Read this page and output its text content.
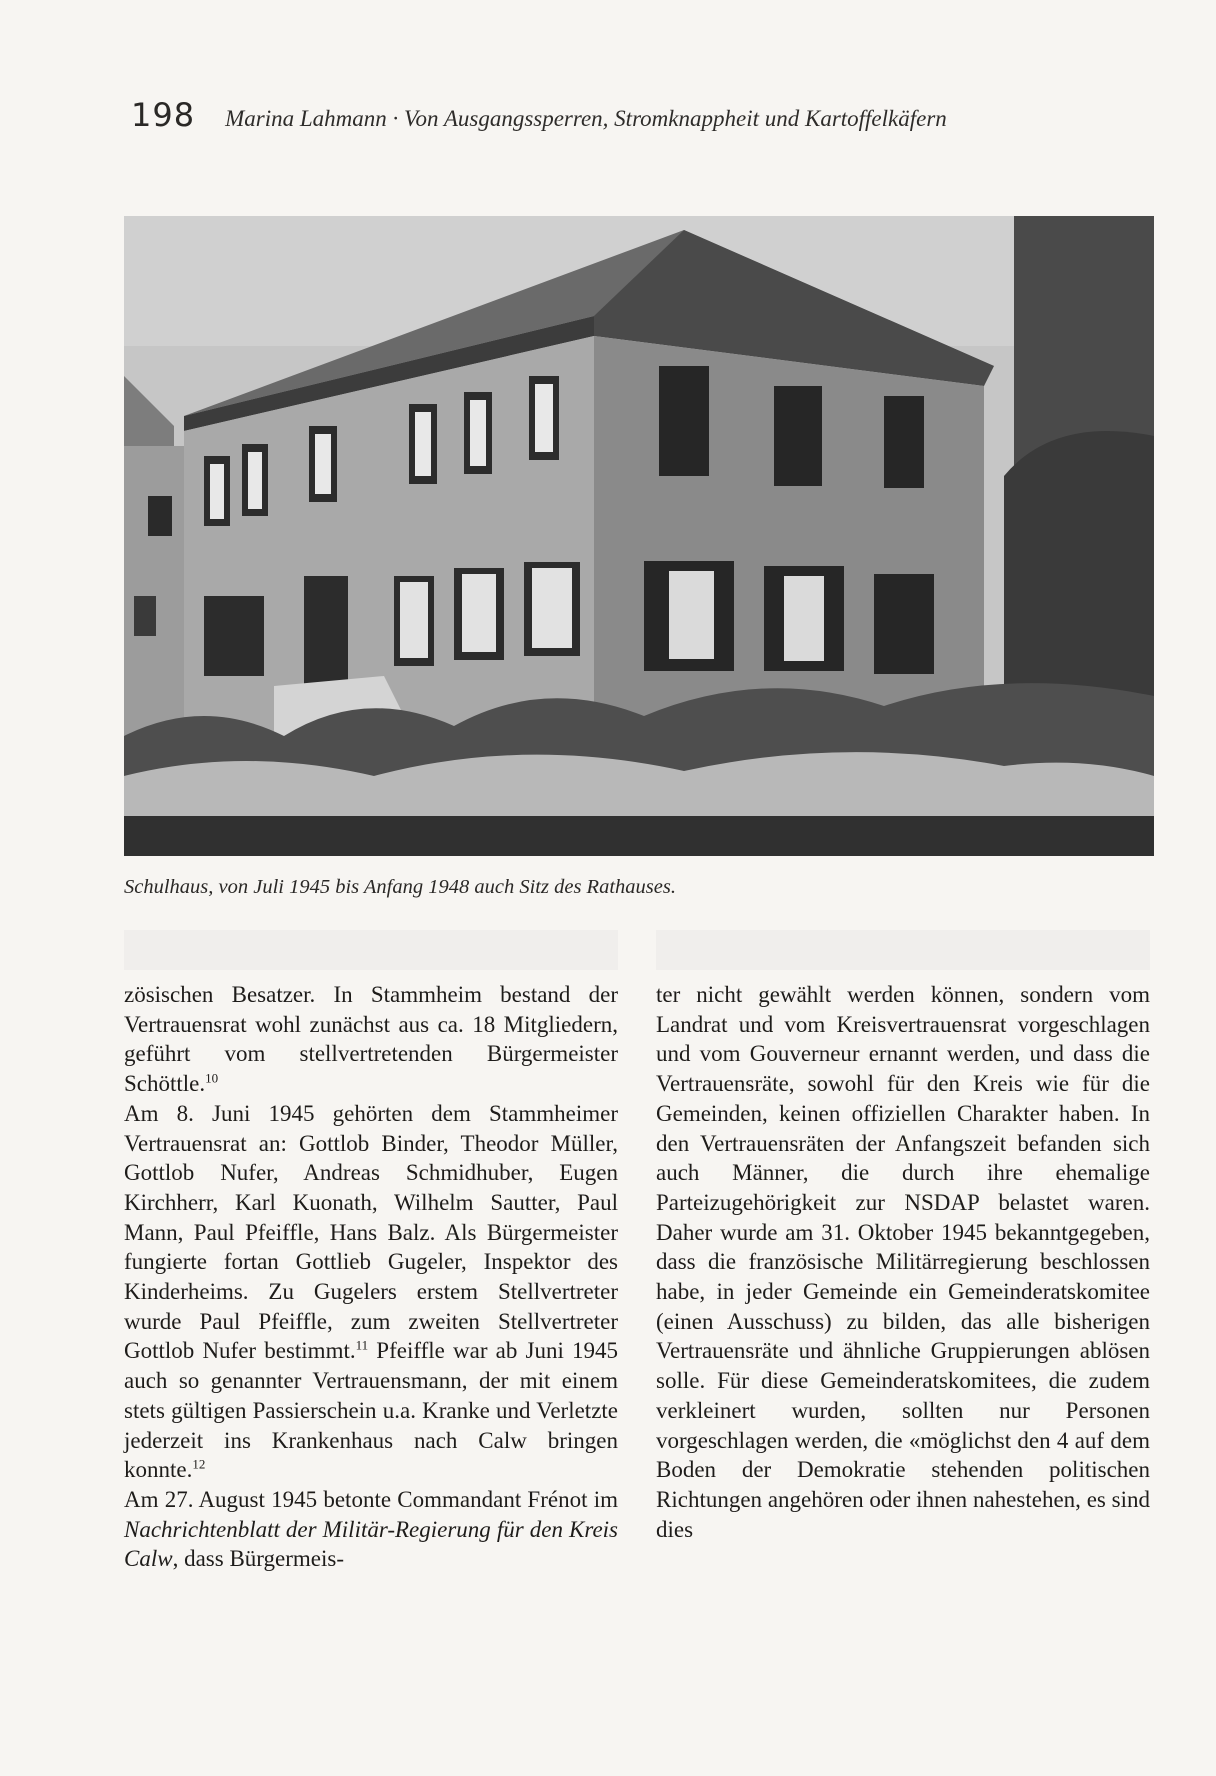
198 Marina Lahmann · Von Ausgangssperren, Stromknappheit und Kartoffelkäfern
Schulhaus, von Juli 1945 bis Anfang 1948 auch Sitz des Rathauses.

zösischen Besatzer. In Stammheim bestand der Vertrauensrat wohl zunächst aus ca. 18 Mitgliedern, geführt vom stellvertretenden Bürgermeister Schöttle.$^{10}$

Am 8. Juni 1945 gehörten dem Stammheimer Vertrauensrat an: Gottlob Binder, Theodor Müller, Gottlob Nufer, Andreas Schmidhuber, Eugen Kirchherr, Karl Kuonath, Wilhelm Sautter, Paul Mann, Paul Pfeiffle, Hans Balz. Als Bürgermeister fungierte fortan Gottlieb Gugeler, Inspektor des Kinderheims. Zu Gugelers erstem Stellvertreter wurde Paul Pfeiffle, zum zweiten Stellvertreter Gottlob Nufer bestimmt.$^{11}$ Pfeiffle war ab Juni 1945 auch so genannter Vertrauensmann, der mit einem stets gültigen Passierschein u.a. Kranke und Verletzte jederzeit ins Krankenhaus nach Calw bringen konnte.$^{12}$

Am 27. August 1945 betonte Commandant Frénot im Nachrichtenblatt der Militär-Regierung für den Kreis Calw, dass Bürgermeis-

ter nicht gewählt werden können, sondern vom Landrat und vom Kreisvertrauensrat vorgeschlagen und vom Gouverneur ernannt werden, und dass die Vertrauensräte, sowohl für den Kreis wie für die Gemeinden, keinen offiziellen Charakter haben. In den Vertrauensräten der Anfangszeit befanden sich auch Männer, die durch ihre ehemalige Parteizugehörigkeit zur NSDAP belastet waren. Daher wurde am 31. Oktober 1945 bekanntgegeben, dass die französische Militärregierung beschlossen habe, in jeder Gemeinde ein Gemeinderatskomitee (einen Ausschuss) zu bilden, das alle bisherigen Vertrauensräte und ähnliche Gruppierungen ablösen solle. Für diese Gemeinderatskomitees, die zudem verkleinert wurden, sollten nur Personen vorgeschlagen werden, die «möglichst den 4 auf dem Boden der Demokratie stehenden politischen Richtungen angehören oder ihnen nahestehen, es sind dies
